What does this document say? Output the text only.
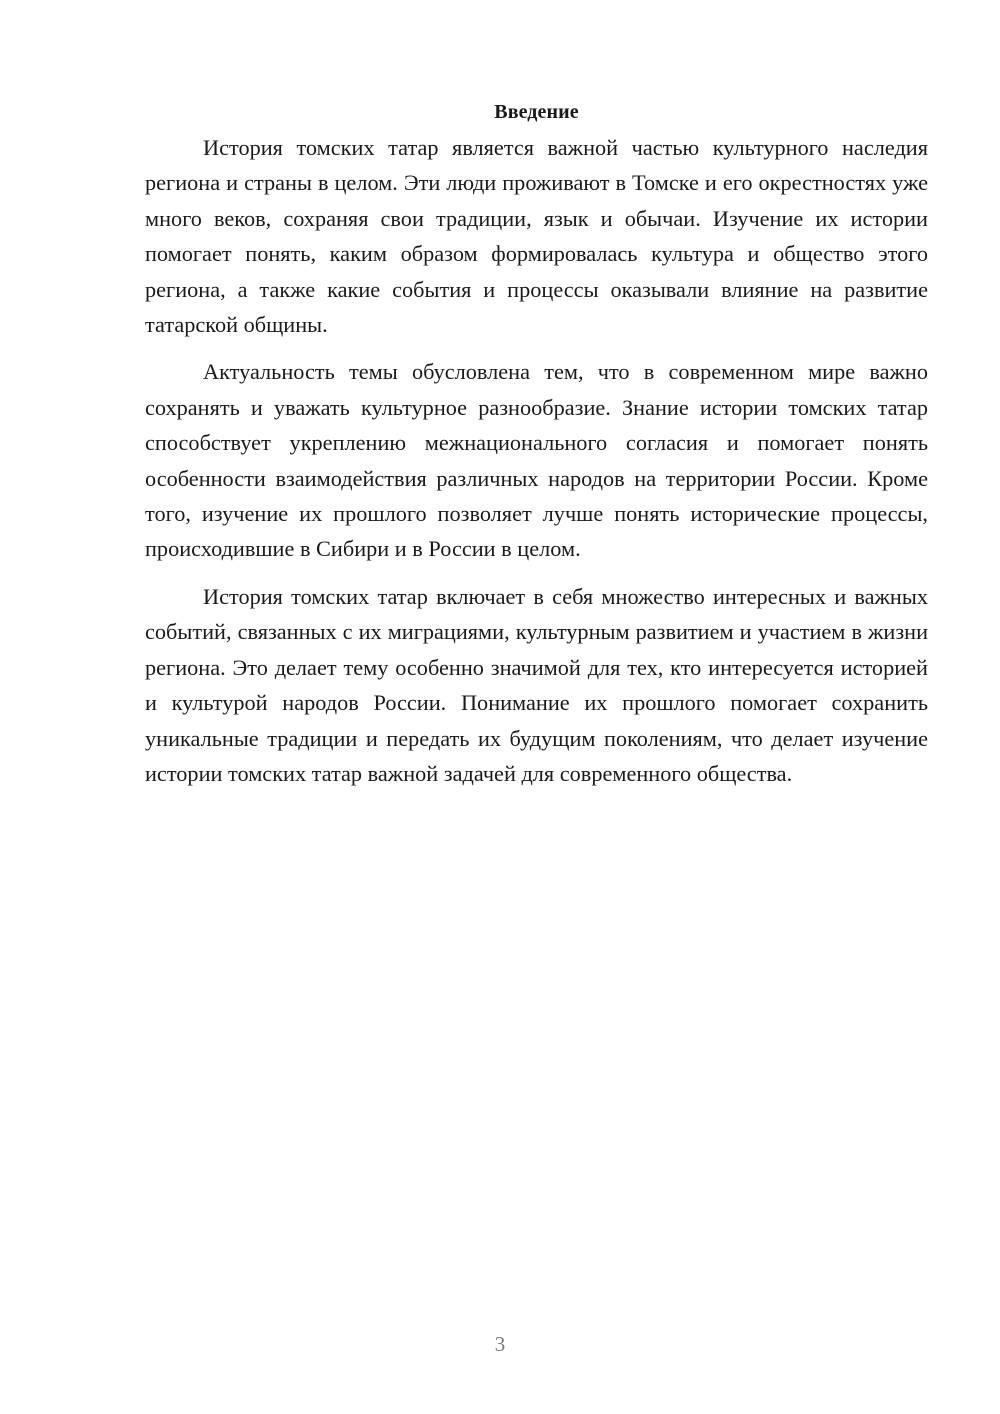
Введение

История томских татар является важной частью культурного наследия региона и страны в целом. Эти люди проживают в Томске и его окрестностях уже много веков, сохраняя свои традиции, язык и обычаи. Изучение их истории помогает понять, каким образом формировалась культура и общество этого региона, а также какие события и процессы оказывали влияние на развитие татарской общины.

Актуальность темы обусловлена тем, что в современном мире важно сохранять и уважать культурное разнообразие. Знание истории томских татар способствует укреплению межнационального согласия и помогает понять особенности взаимодействия различных народов на территории России. Кроме того, изучение их прошлого позволяет лучше понять исторические процессы, происходившие в Сибири и в России в целом.

История томских татар включает в себя множество интересных и важных событий, связанных с их миграциями, культурным развитием и участием в жизни региона. Это делает тему особенно значимой для тех, кто интересуется историей и культурой народов России. Понимание их прошлого помогает сохранить уникальные традиции и передать их будущим поколениям, что делает изучение истории томских татар важной задачей для современного общества.

3
